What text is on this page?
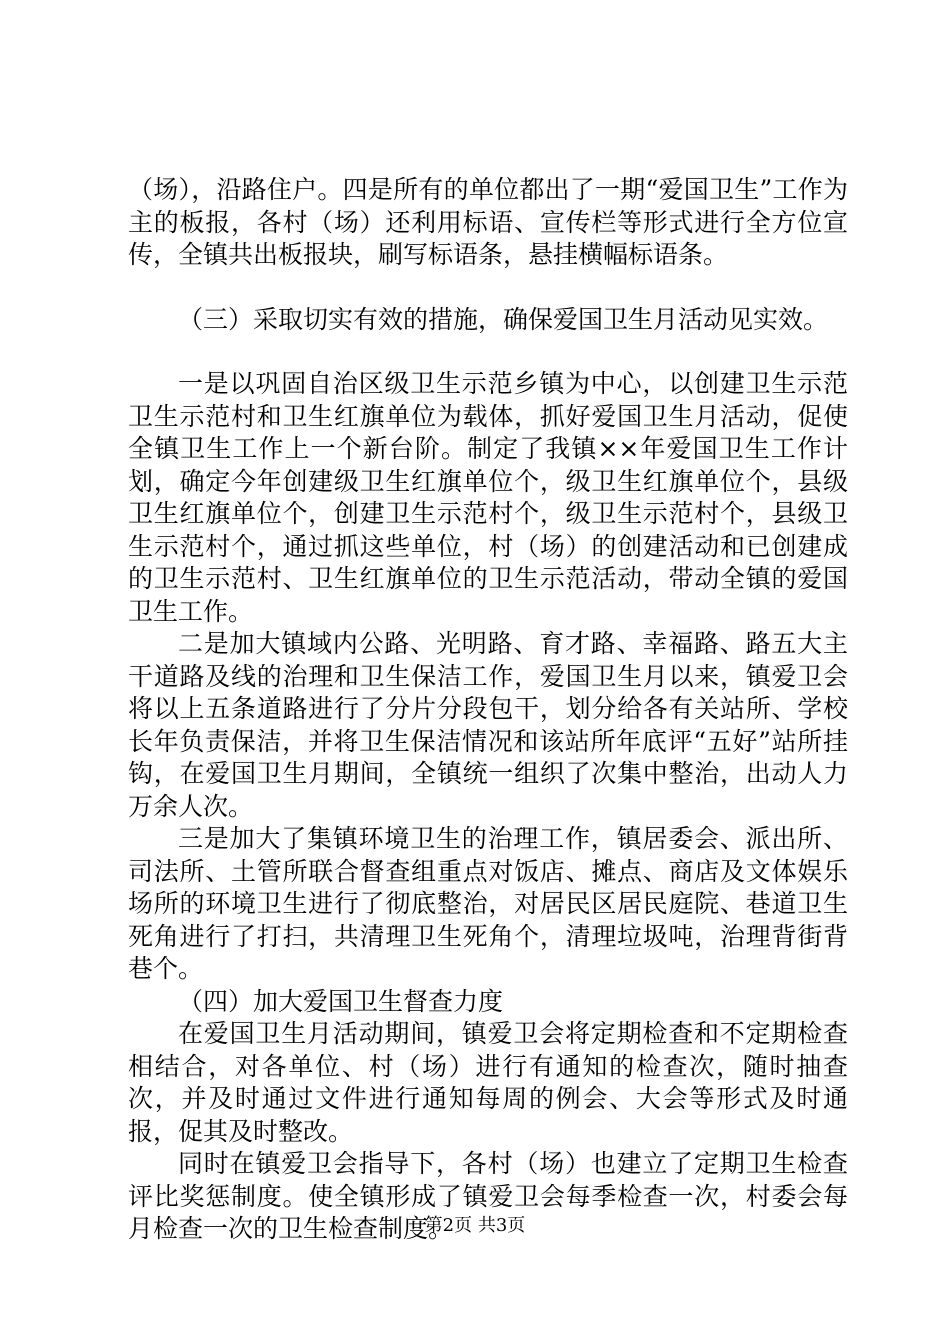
（场），沿路住户。四是所有的单位都出了一期“爱国卫生”工作为主的板报，各村（场）还利用标语、宣传栏等形式进行全方位宣传，全镇共出板报块，刷写标语条，悬挂横幅标语条。

（三）采取切实有效的措施，确保爱国卫生月活动见实效。

一是以巩固自治区级卫生示范乡镇为中心，以创建卫生示范卫生示范村和卫生红旗单位为载体，抓好爱国卫生月活动，促使全镇卫生工作上一个新台阶。制定了我镇××年爱国卫生工作计划，确定今年创建级卫生红旗单位个，级卫生红旗单位个，县级卫生红旗单位个，创建卫生示范村个，级卫生示范村个，县级卫生示范村个，通过抓这些单位，村（场）的创建活动和已创建成的卫生示范村、卫生红旗单位的卫生示范活动，带动全镇的爱国卫生工作。

二是加大镇域内公路、光明路、育才路、幸福路、路五大主干道路及线的治理和卫生保洁工作，爱国卫生月以来，镇爱卫会将以上五条道路进行了分片分段包干，划分给各有关站所、学校长年负责保洁，并将卫生保洁情况和该站所年底评“五好”站所挂钩，在爱国卫生月期间，全镇统一组织了次集中整治，出动人力万余人次。

三是加大了集镇环境卫生的治理工作，镇居委会、派出所、司法所、土管所联合督查组重点对饭店、摊点、商店及文体娱乐场所的环境卫生进行了彻底整治，对居民区居民庭院、巷道卫生死角进行了打扫，共清理卫生死角个，清理垃圾吨，治理背街背巷个。

（四）加大爱国卫生督查力度

在爱国卫生月活动期间，镇爱卫会将定期检查和不定期检查相结合，对各单位、村（场）进行有通知的检查次，随时抽查次，并及时通过文件进行通知每周的例会、大会等形式及时通报，促其及时整改。

同时在镇爱卫会指导下，各村（场）也建立了定期卫生检查评比奖惩制度。使全镇形成了镇爱卫会每季检查一次，村委会每月检查一次的卫生检查制度。

第2页 共3页
